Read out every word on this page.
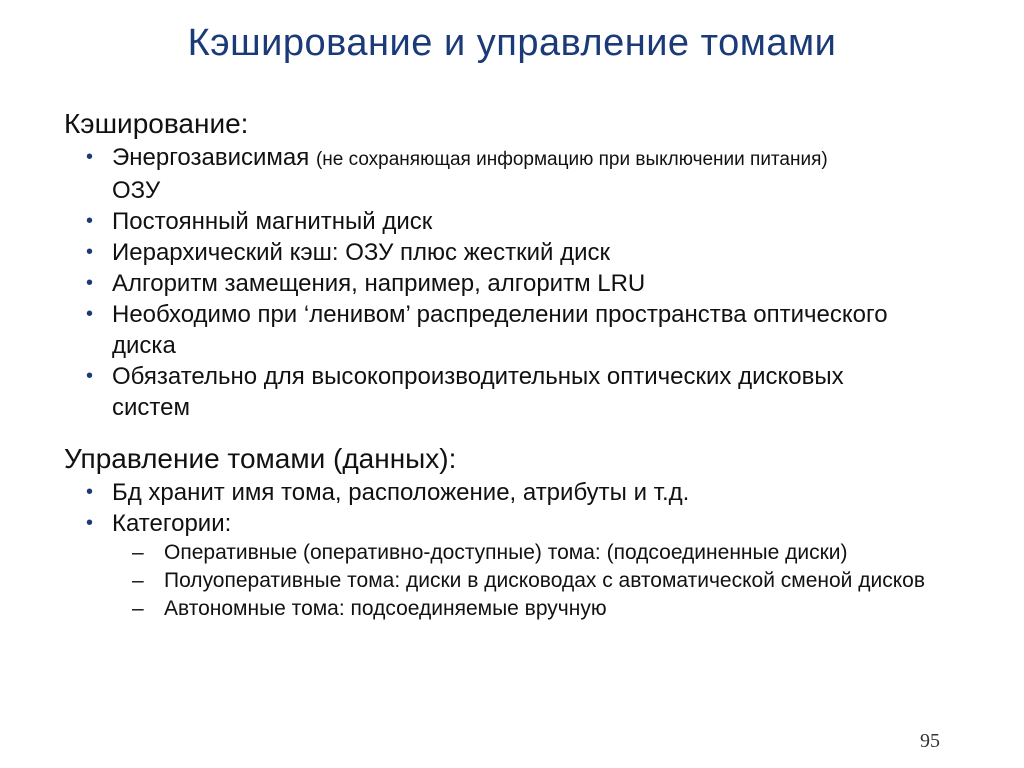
Кэширование и управление томами
Кэширование:
• Энергозависимая (не сохраняющая информацию при выключении питания)
ОЗУ
• Постоянный магнитный диск
• Иерархический кэш: ОЗУ плюс жесткий диск
• Алгоритм замещения, например, алгоритм LRU
• Необходимо при ‘ленивом’ распределении пространства оптического диска
• Обязательно для высокопроизводительных оптических дисковых систем
Управление томами (данных):
• Бд хранит имя тома, расположение, атрибуты и т.д.
• Категории:
– Оперативные (оперативно-доступные) тома: (подсоединенные диски)
– Полуоперативные тома: диски в дисководах с автоматической сменой дисков
– Автономные тома: подсоединяемые вручную
95
